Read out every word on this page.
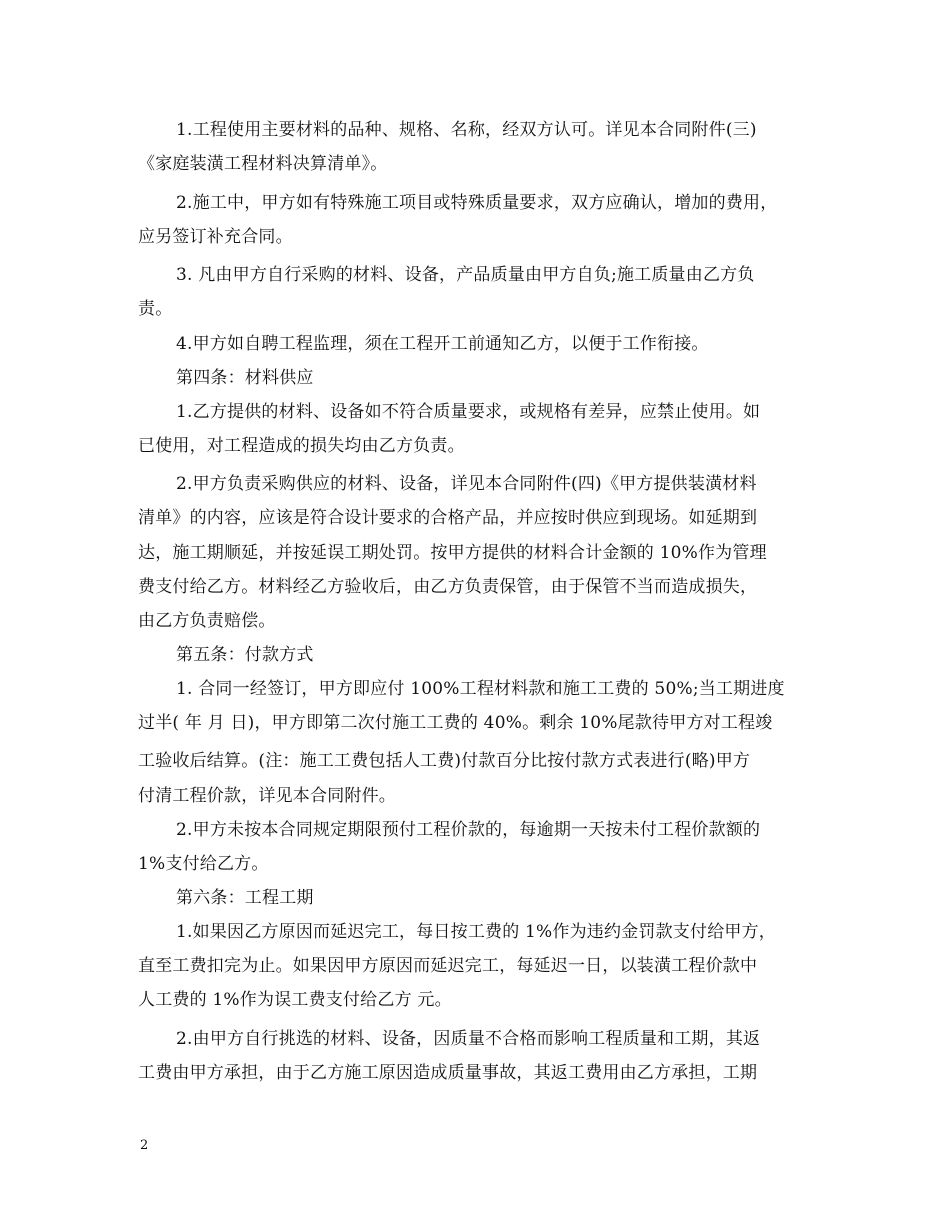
1.工程使用主要材料的品种、规格、名称，经双方认可。详见本合同附件(三)
《家庭装潢工程材料决算清单》。
2.施工中，甲方如有特殊施工项目或特殊质量要求，双方应确认，增加的费用，
应另签订补充合同。
3. 凡由甲方自行采购的材料、设备，产品质量由甲方自负;施工质量由乙方负
责。
4.甲方如自聘工程监理，须在工程开工前通知乙方，以便于工作衔接。
第四条：材料供应
1.乙方提供的材料、设备如不符合质量要求，或规格有差异，应禁止使用。如
已使用，对工程造成的损失均由乙方负责。
2.甲方负责采购供应的材料、设备，详见本合同附件(四)《甲方提供装潢材料
清单》的内容，应该是符合设计要求的合格产品，并应按时供应到现场。如延期到
达，施工期顺延，并按延误工期处罚。按甲方提供的材料合计金额的 10%作为管理
费支付给乙方。材料经乙方验收后，由乙方负责保管，由于保管不当而造成损失，
由乙方负责赔偿。
第五条：付款方式
1. 合同一经签订，甲方即应付 100%工程材料款和施工工费的 50%;当工期进度
过半( 年 月 日)，甲方即第二次付施工工费的 40%。剩余 10%尾款待甲方对工程竣
工验收后结算。(注：施工工费包括人工费)付款百分比按付款方式表进行(略)甲方
付清工程价款，详见本合同附件。
2.甲方未按本合同规定期限预付工程价款的，每逾期一天按未付工程价款额的
1%支付给乙方。
第六条：工程工期
1.如果因乙方原因而延迟完工，每日按工费的 1%作为违约金罚款支付给甲方，
直至工费扣完为止。如果因甲方原因而延迟完工，每延迟一日，以装潢工程价款中
人工费的 1%作为误工费支付给乙方 元。
2.由甲方自行挑选的材料、设备，因质量不合格而影响工程质量和工期，其返
工费由甲方承担，由于乙方施工原因造成质量事故，其返工费用由乙方承担，工期
2
